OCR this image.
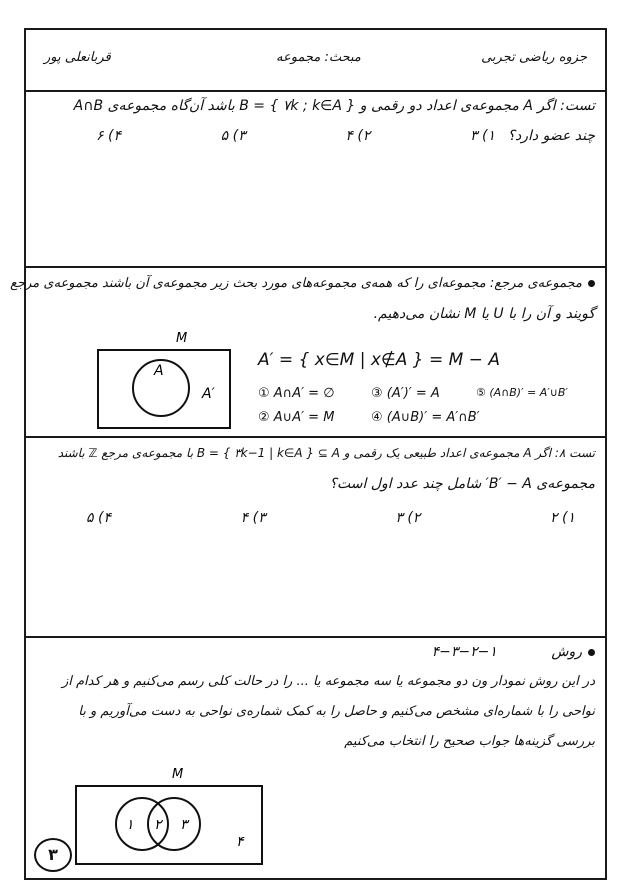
جزوه ریاضی تجربی
مبحث: مجموعه
قربانعلی پور
تست: اگر A مجموعه‌ی اعداد دو رقمی و B = { ۷k ; k∈A } باشد آن‌گاه مجموعه‌ی A∩B
چند عضو دارد؟
۱) ۳
۲) ۴
۳) ۵
۴) ۶
مجموعه‌ی مرجع: مجموعه‌ای را که همه‌ی مجموعه‌های مورد بحث زیر مجموعه‌ی آن باشند مجموعه‌ی مرجع
گویند و آن را با U یا M نشان می‌دهیم.
M
A
A′
A′ = { x∈M | x∉A } = M − A
① A∩A′ = ∅	③ (A′)′ = A	⑤ (A∩B)′ = A′∪B′
② A∪A′ = M	④ (A∪B)′ = A′∩B′
تست ۸: اگر A مجموعه‌ی اعداد طبیعی یک رقمی و B = { ۳k−1 | k∈A } ⊆ A با مجموعه‌ی مرجع ℤ باشند
مجموعه‌ی B′ − A′ شامل چند عدد اول است؟
۱) ۲
۲) ۳
۳) ۴
۴) ۵
روش ۱−۲−۳−۴
در این روش نمودار ون دو مجموعه یا سه مجموعه یا ... را در حالت کلی رسم می‌کنیم و هر کدام از
نواحی را با شماره‌ای مشخص می‌کنیم و حاصل را به کمک شماره‌ی نواحی به دست می‌آوریم و با
بررسی گزینه‌ها جواب صحیح را انتخاب می‌کنیم
M
۱ ۲ ۳
۴
۳
